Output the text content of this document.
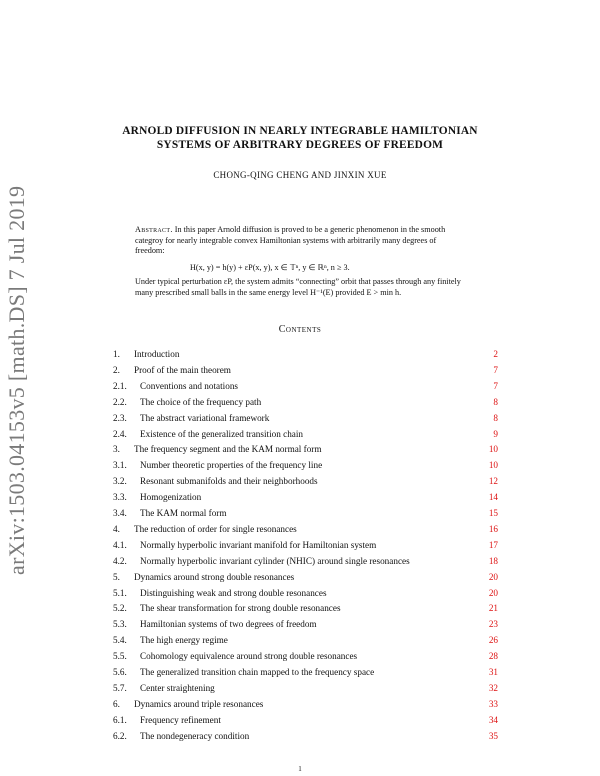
arXiv:1503.04153v5 [math.DS] 7 Jul 2019
ARNOLD DIFFUSION IN NEARLY INTEGRABLE HAMILTONIAN
SYSTEMS OF ARBITRARY DEGREES OF FREEDOM
CHONG-QING CHENG AND JINXIN XUE

Abstract. In this paper Arnold diffusion is proved to be a generic phenomenon in the smooth categroy for nearly integrable convex Hamiltonian systems with arbitrarily many degrees of freedom:

H(x, y) = h(y) + εP(x, y), x ∈ 𝕋ⁿ, y ∈ ℝⁿ, n ≥ 3.

Under typical perturbation εP, the system admits “connecting” orbit that passes through any finitely many prescribed small balls in the same energy level H⁻¹(E) provided E > min h.

Contents
1. Introduction	2
2. Proof of the main theorem	7
2.1. Conventions and notations	7
2.2. The choice of the frequency path	8
2.3. The abstract variational framework	8
2.4. Existence of the generalized transition chain	9
3. The frequency segment and the KAM normal form	10
3.1. Number theoretic properties of the frequency line	10
3.2. Resonant submanifolds and their neighborhoods	12
3.3. Homogenization	14
3.4. The KAM normal form	15
4. The reduction of order for single resonances	16
4.1. Normally hyperbolic invariant manifold for Hamiltonian system	17
4.2. Normally hyperbolic invariant cylinder (NHIC) around single resonances	18
5. Dynamics around strong double resonances	20
5.1. Distinguishing weak and strong double resonances	20
5.2. The shear transformation for strong double resonances	21
5.3. Hamiltonian systems of two degrees of freedom	23
5.4. The high energy regime	26
5.5. Cohomology equivalence around strong double resonances	28
5.6. The generalized transition chain mapped to the frequency space	31
5.7. Center straightening	32
6. Dynamics around triple resonances	33
6.1. Frequency refinement	34
6.2. The nondegeneracy condition	35
1
